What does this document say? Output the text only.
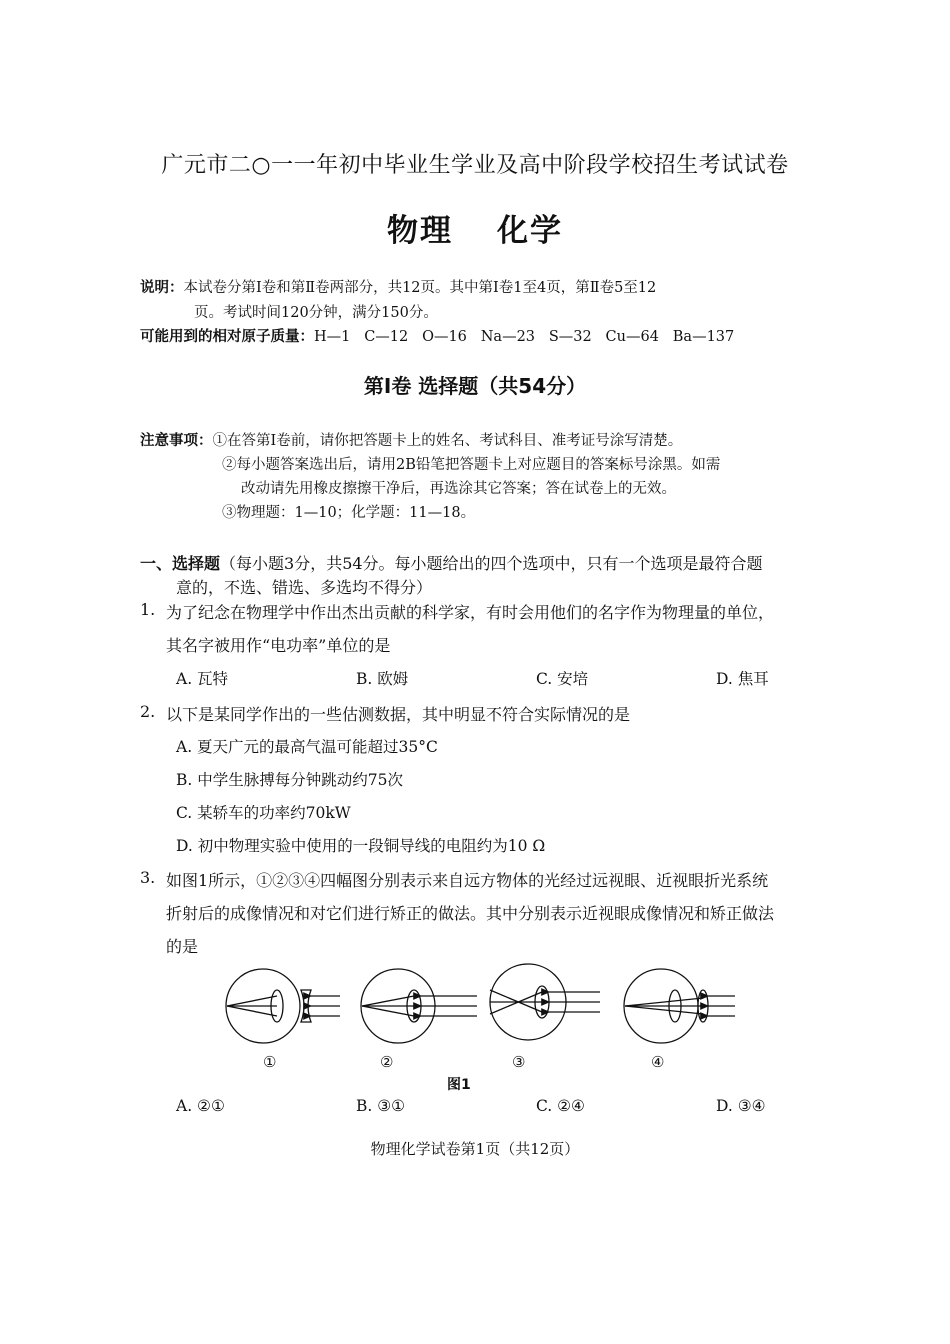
广元市二○一一年初中毕业生学业及高中阶段学校招生考试试卷
物理 化学
说明：本试卷分第Ⅰ卷和第Ⅱ卷两部分，共12页。其中第Ⅰ卷1至4页，第Ⅱ卷5至12
页。考试时间120分钟，满分150分。
可能用到的相对原子质量：H—1   C—12   O—16   Na—23   S—32   Cu—64   Ba—137
第Ⅰ卷 选择题（共54分）
注意事项：①在答第Ⅰ卷前，请你把答题卡上的姓名、考试科目、准考证号涂写清楚。
②每小题答案选出后，请用2B铅笔把答题卡上对应题目的答案标号涂黑。如需
改动请先用橡皮擦擦干净后，再选涂其它答案；答在试卷上的无效。
③物理题：1—10；化学题：11—18。
一、选择题（每小题3分，共54分。每小题给出的四个选项中，只有一个选项是最符合题
意的，不选、错选、多选均不得分）
1. 为了纪念在物理学中作出杰出贡献的科学家，有时会用他们的名字作为物理量的单位，
其名字被用作“电功率”单位的是
A. 瓦特	B. 欧姆	C. 安培	D. 焦耳
2. 以下是某同学作出的一些估测数据，其中明显不符合实际情况的是
A. 夏天广元的最高气温可能超过35°C
B. 中学生脉搏每分钟跳动约75次
C. 某轿车的功率约70kW
D. 初中物理实验中使用的一段铜导线的电阻约为10 Ω
3. 如图1所示，①②③④四幅图分别表示来自远方物体的光经过远视眼、近视眼折光系统
折射后的成像情况和对它们进行矫正的做法。其中分别表示近视眼成像情况和矫正做法
的是
①	②	③	④
图1
A. ②①	B. ③①	C. ②④	D. ③④
物理化学试卷第1页（共12页）
